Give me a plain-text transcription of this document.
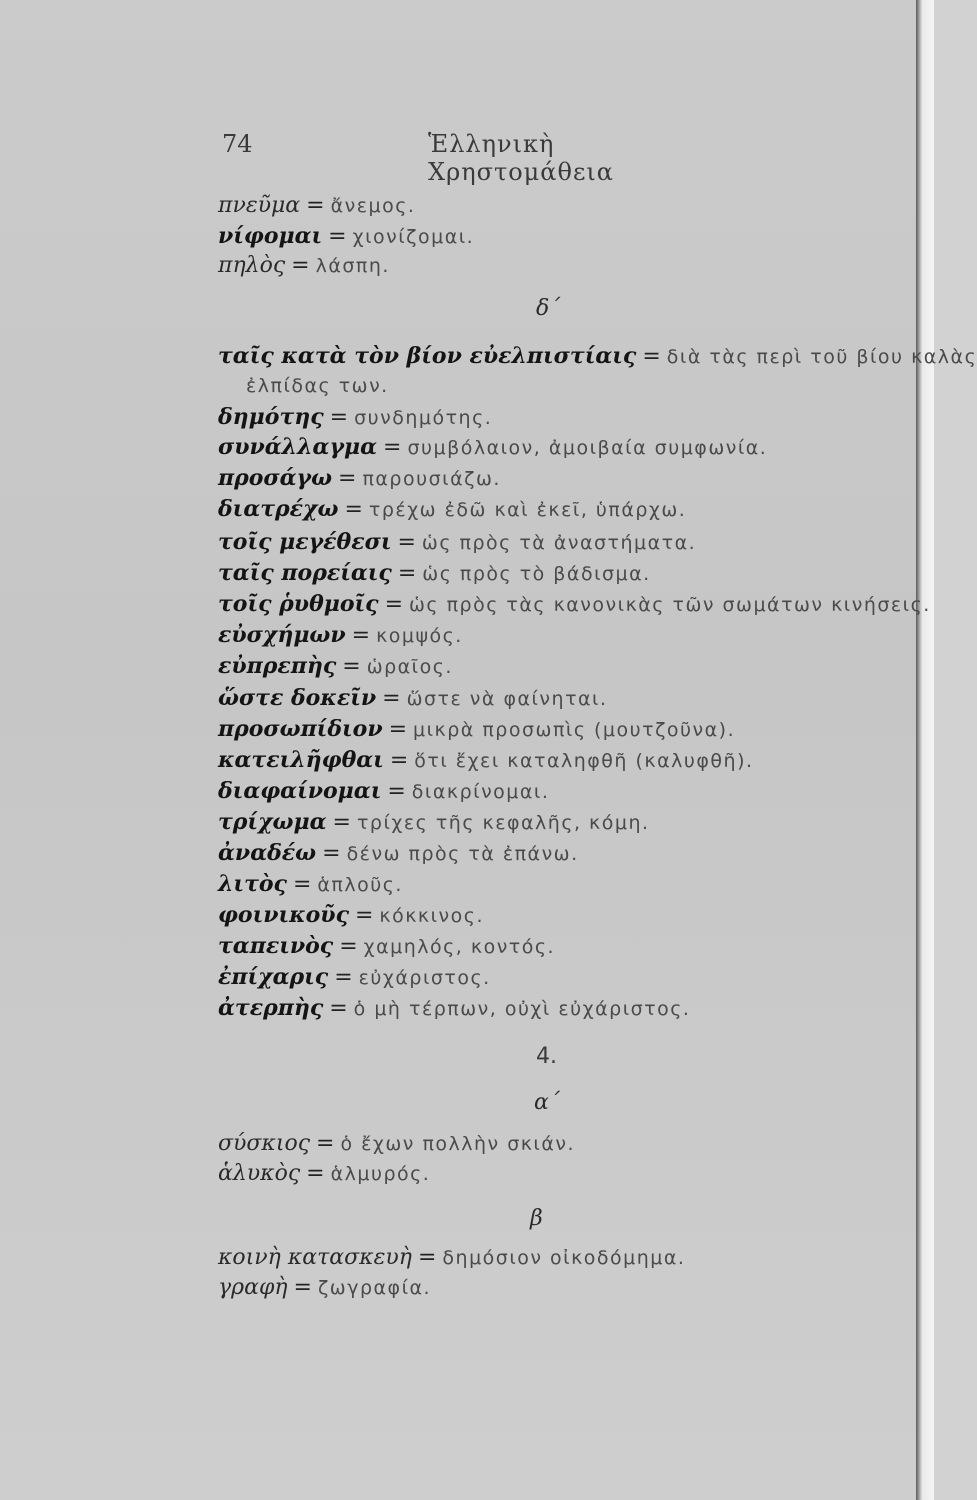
74	Ἑλληνικὴ Χρηστομάθεια
πνεῦμα = ἄνεμος.
νίφομαι = χιονίζομαι.
πηλὸς = λάσπη.
δ΄
ταῖς κατὰ τὸν βίον εὐελπιστίαις = διὰ τὰς περὶ τοῦ βίου καλὰς
ἐλπίδας των.
δημότης = συνδημότης.
συνάλλαγμα = συμβόλαιον, ἀμοιβαία συμφωνία.
προσάγω = παρουσιάζω.
διατρέχω = τρέχω ἐδῶ καὶ ἐκεῖ, ὑπάρχω.
τοῖς μεγέθεσι = ὡς πρὸς τὰ ἀναστήματα.
ταῖς πορείαις = ὡς πρὸς τὸ βάδισμα.
τοῖς ῥυθμοῖς = ὡς πρὸς τὰς κανονικὰς τῶν σωμάτων κινήσεις.
εὐσχήμων = κομψός.
εὐπρεπὴς = ὡραῖος.
ὥστε δοκεῖν = ὥστε νὰ φαίνηται.
προσωπίδιον = μικρὰ προσωπὶς (μουτζοῦνα).
κατειλῆφθαι = ὅτι ἔχει καταληφθῆ (καλυφθῆ).
διαφαίνομαι = διακρίνομαι.
τρίχωμα = τρίχες τῆς κεφαλῆς, κόμη.
ἀναδέω = δένω πρὸς τὰ ἐπάνω.
λιτὸς = ἁπλοῦς.
φοινικοῦς = κόκκινος.
ταπεινὸς = χαμηλός, κοντός.
ἐπίχαρις = εὐχάριστος.
ἀτερπὴς = ὁ μὴ τέρπων, οὐχὶ εὐχάριστος.
4.
α΄
σύσκιος = ὁ ἔχων πολλὴν σκιάν.
ἁλυκὸς = ἁλμυρός.
β
κοινὴ κατασκευὴ = δημόσιον οἰκοδόμημα.
γραφὴ = ζωγραφία.
